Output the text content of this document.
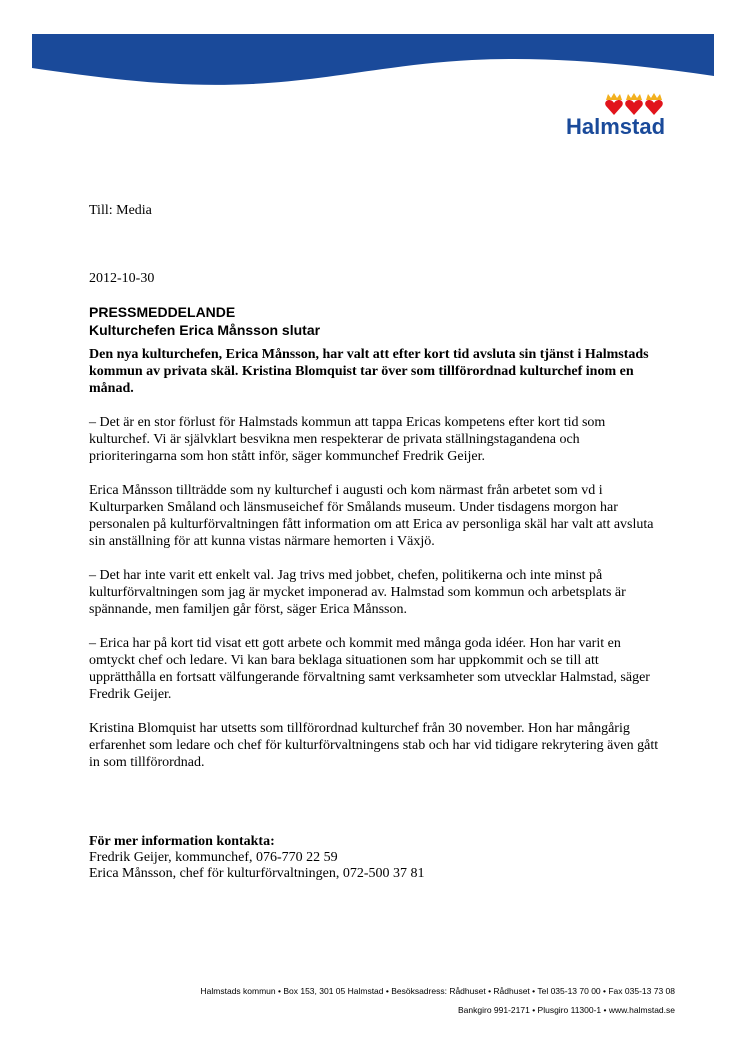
Halmstad
Till: Media
2012-10-30
PRESSMEDDELANDE
Kulturchefen Erica Månsson slutar

Den nya kulturchefen, Erica Månsson, har valt att efter kort tid avsluta sin tjänst i Halmstads kommun av privata skäl. Kristina Blomquist tar över som tillförordnad kulturchef inom en månad.

– Det är en stor förlust för Halmstads kommun att tappa Ericas kompetens efter kort tid som kulturchef. Vi är självklart besvikna men respekterar de privata ställningstagandena och prioriteringarna som hon stått inför, säger kommunchef Fredrik Geijer.

Erica Månsson tillträdde som ny kulturchef i augusti och kom närmast från arbetet som vd i Kulturparken Småland och länsmuseichef för Smålands museum. Under tisdagens morgon har personalen på kulturförvaltningen fått information om att Erica av personliga skäl har valt att avsluta sin anställning för att kunna vistas närmare hemorten i Växjö.

– Det har inte varit ett enkelt val. Jag trivs med jobbet, chefen, politikerna och inte minst på kulturförvaltningen som jag är mycket imponerad av. Halmstad som kommun och arbetsplats är spännande, men familjen går först, säger Erica Månsson.

– Erica har på kort tid visat ett gott arbete och kommit med många goda idéer. Hon har varit en omtyckt chef och ledare. Vi kan bara beklaga situationen som har uppkommit och se till att upprätthålla en fortsatt välfungerande förvaltning samt verksamheter som utvecklar Halmstad, säger Fredrik Geijer.

Kristina Blomquist har utsetts som tillförordnad kulturchef från 30 november. Hon har mångårig erfarenhet som ledare och chef för kulturförvaltningens stab och har vid tidigare rekrytering även gått in som tillförordnad.

För mer information kontakta:
Fredrik Geijer, kommunchef, 076-770 22 59
Erica Månsson, chef för kulturförvaltningen, 072-500 37 81
Halmstads kommun • Box 153, 301 05 Halmstad • Besöksadress: Rådhuset • Rådhuset • Tel 035-13 70 00 • Fax 035-13 73 08
Bankgiro 991-2171 • Plusgiro 11300-1 • www.halmstad.se
